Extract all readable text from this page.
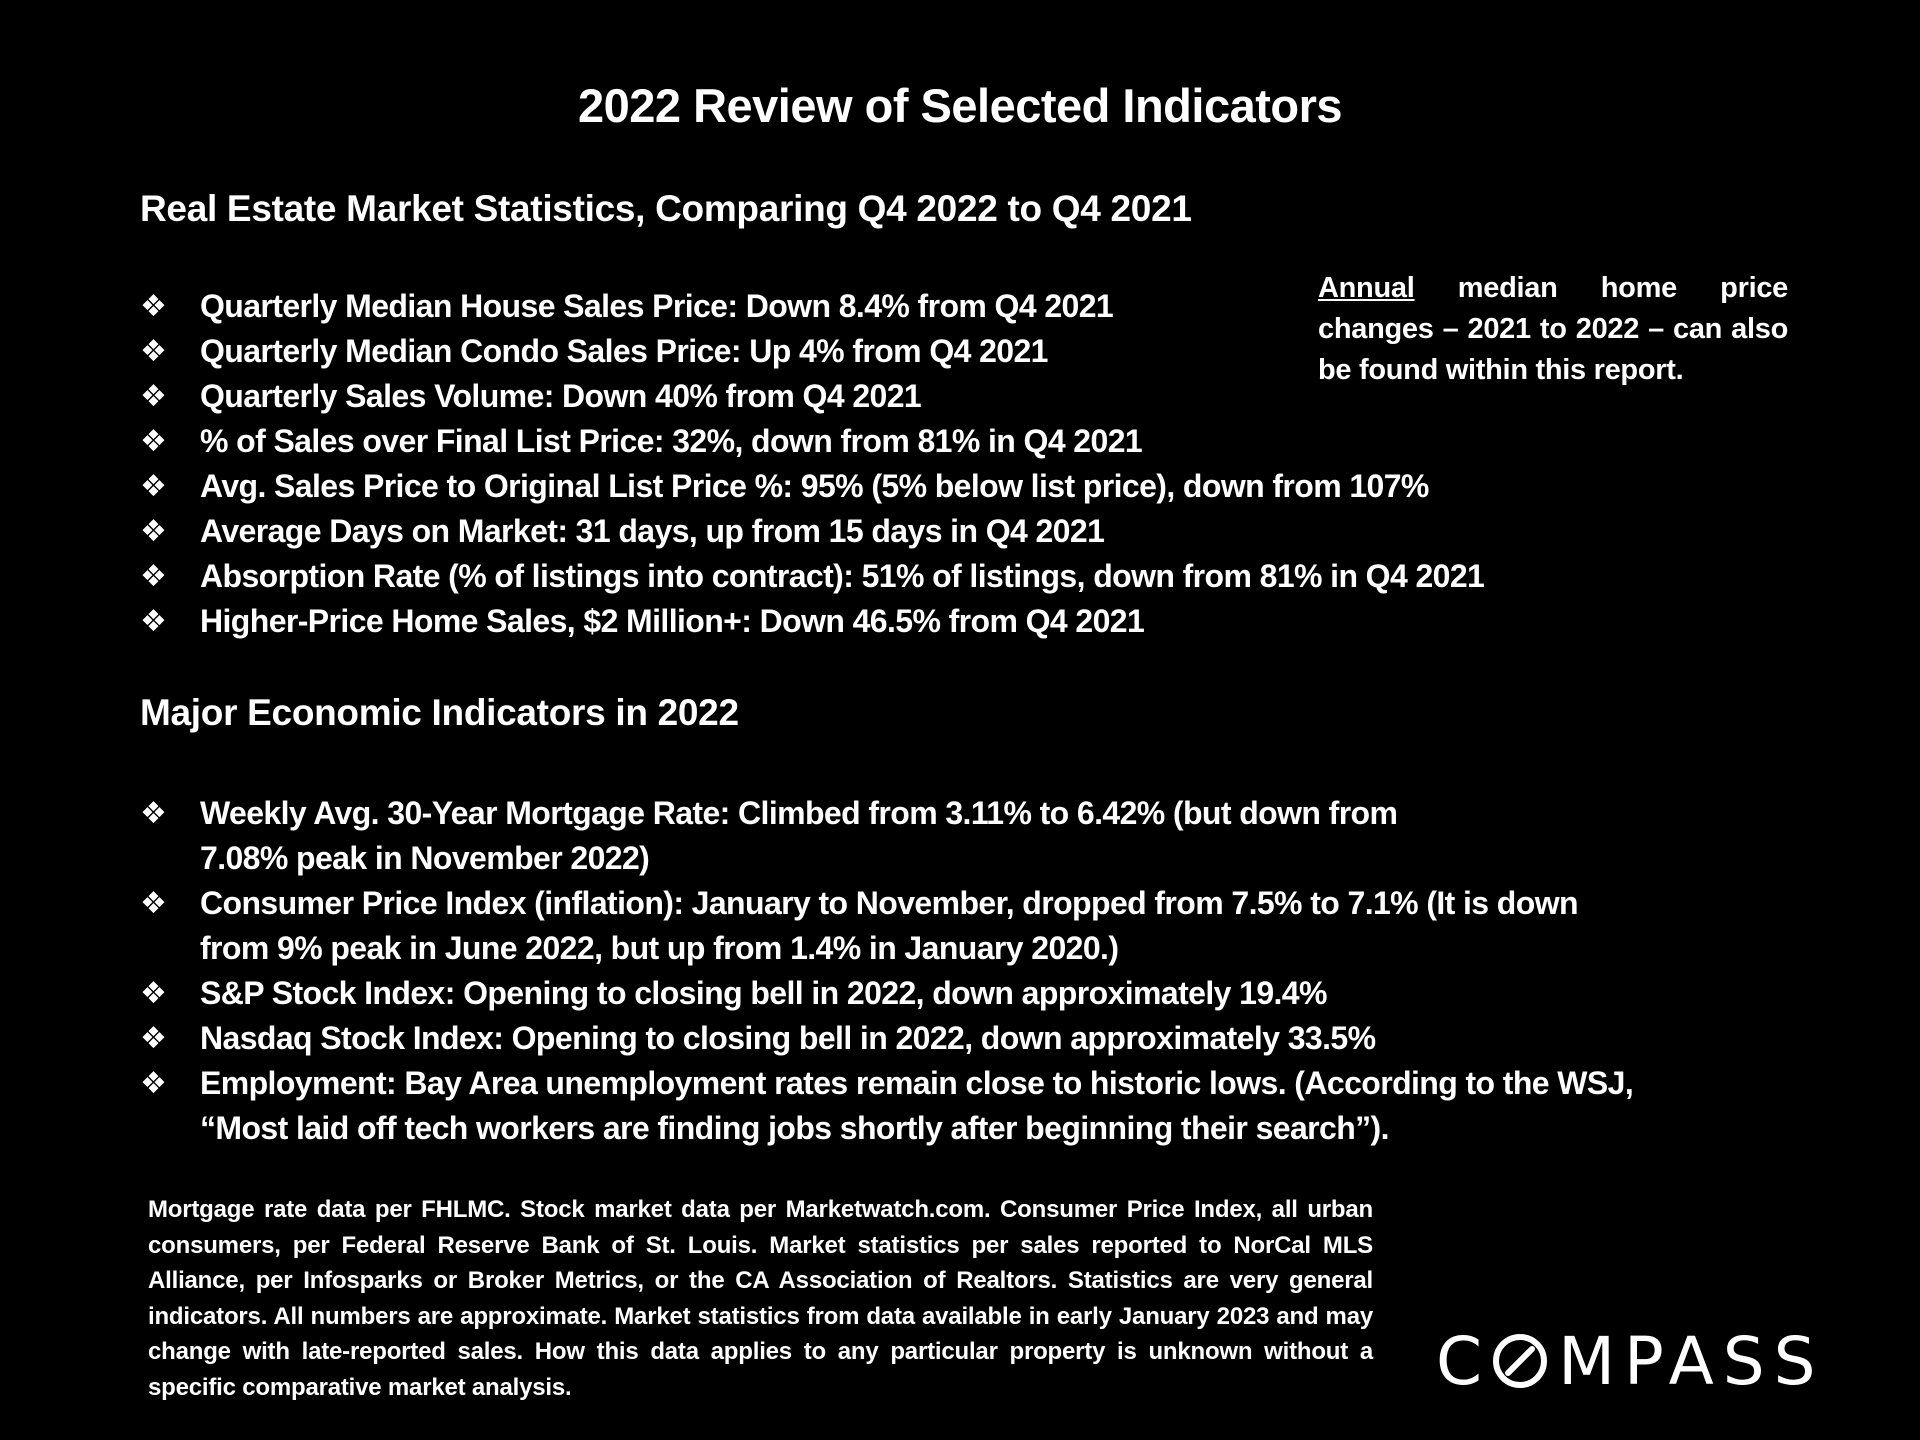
2022 Review of Selected Indicators
Real Estate Market Statistics, Comparing Q4 2022 to Q4 2021
❖ Quarterly Median House Sales Price: Down 8.4% from Q4 2021
❖ Quarterly Median Condo Sales Price: Up 4% from Q4 2021
❖ Quarterly Sales Volume: Down 40% from Q4 2021
❖ % of Sales over Final List Price: 32%, down from 81% in Q4 2021
❖ Avg. Sales Price to Original List Price %: 95% (5% below list price), down from 107%
❖ Average Days on Market: 31 days, up from 15 days in Q4 2021
❖ Absorption Rate (% of listings into contract): 51% of listings, down from 81% in Q4 2021
❖ Higher-Price Home Sales, $2 Million+: Down 46.5% from Q4 2021
Annual median home price changes – 2021 to 2022 – can also be found within this report.
Major Economic Indicators in 2022
❖ Weekly Avg. 30-Year Mortgage Rate: Climbed from 3.11% to 6.42% (but down from 7.08% peak in November 2022)
❖ Consumer Price Index (inflation): January to November, dropped from 7.5% to 7.1% (It is down from 9% peak in June 2022, but up from 1.4% in January 2020.)
❖ S&P Stock Index: Opening to closing bell in 2022, down approximately 19.4%
❖ Nasdaq Stock Index: Opening to closing bell in 2022, down approximately 33.5%
❖ Employment: Bay Area unemployment rates remain close to historic lows. (According to the WSJ, “Most laid off tech workers are finding jobs shortly after beginning their search”).
Mortgage rate data per FHLMC. Stock market data per Marketwatch.com. Consumer Price Index, all urban consumers, per Federal Reserve Bank of St. Louis. Market statistics per sales reported to NorCal MLS Alliance, per Infosparks or Broker Metrics, or the CA Association of Realtors. Statistics are very general indicators. All numbers are approximate. Market statistics from data available in early January 2023 and may change with late-reported sales. How this data applies to any particular property is unknown without a specific comparative market analysis.	C MPASS
